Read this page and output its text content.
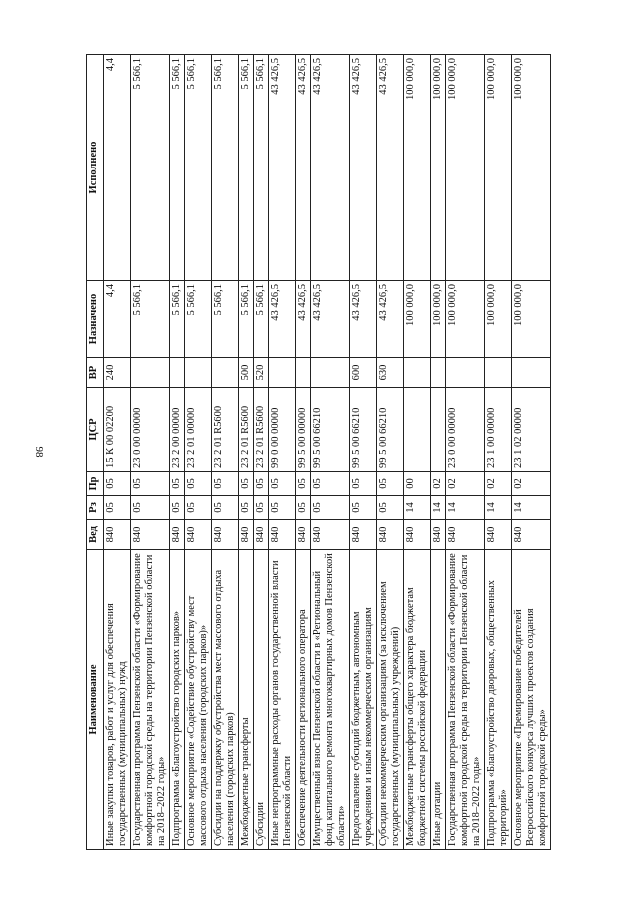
98
Наименование	Вед	Рз	Пр	ЦСР	ВР	Назначено	Исполнено
Иные закупки товаров, работ и услуг для обеспечения государственных (муниципальных) нужд	840	05	05	15 К 00 02200	240	4,4	4,4
Государственная программа Пензенской области «Формирование комфортной городской среды на территории Пензенской области на 2018–2022 годы»	840	05	05	23 0 00 00000		5 566,1	5 566,1
Подпрограмма «Благоустройство городских парков»	840	05	05	23 2 00 00000		5 566,1	5 566,1
Основное мероприятие «Содействие обустройству мест массового отдыха населения (городских парков)»	840	05	05	23 2 01 00000		5 566,1	5 566,1
Субсидии на поддержку обустройства мест массового отдыха населения (городских парков)	840	05	05	23 2 01 R5600		5 566,1	5 566,1
Межбюджетные трансферты	840	05	05	23 2 01 R5600	500	5 566,1	5 566,1
Субсидии	840	05	05	23 2 01 R5600	520	5 566,1	5 566,1
Иные непрограммные расходы органов государственной власти Пензенской области	840	05	05	99 0 00 00000		43 426,5	43 426,5
Обеспечение деятельности регионального оператора	840	05	05	99 5 00 00000		43 426,5	43 426,5
Имущественный взнос Пензенской области в «Региональный фонд капитального ремонта многоквартирных домов Пензенской области»	840	05	05	99 5 00 66210		43 426,5	43 426,5
Предоставление субсидий бюджетным, автономным учреждениям и иным некоммерческим организациям	840	05	05	99 5 00 66210	600	43 426,5	43 426,5
Субсидии некоммерческим организациям (за исключением государственных (муниципальных) учреждений)	840	05	05	99 5 00 66210	630	43 426,5	43 426,5
Межбюджетные трансферты общего характера бюджетам бюджетной системы российской федерации	840	14	00			100 000,0	100 000,0
Иные дотации	840	14	02			100 000,0	100 000,0
Государственная программа Пензенской области «Формирование комфортной городской среды на территории Пензенской области на 2018–2022 годы»	840	14	02	23 0 00 00000		100 000,0	100 000,0
Подпрограмма «Благоустройство дворовых, общественных территорий»	840	14	02	23 1 00 00000		100 000,0	100 000,0
Основное мероприятие «Премирование победителей Всероссийского конкурса лучших проектов создания комфортной городской среды»	840	14	02	23 1 02 00000		100 000,0	100 000,0
